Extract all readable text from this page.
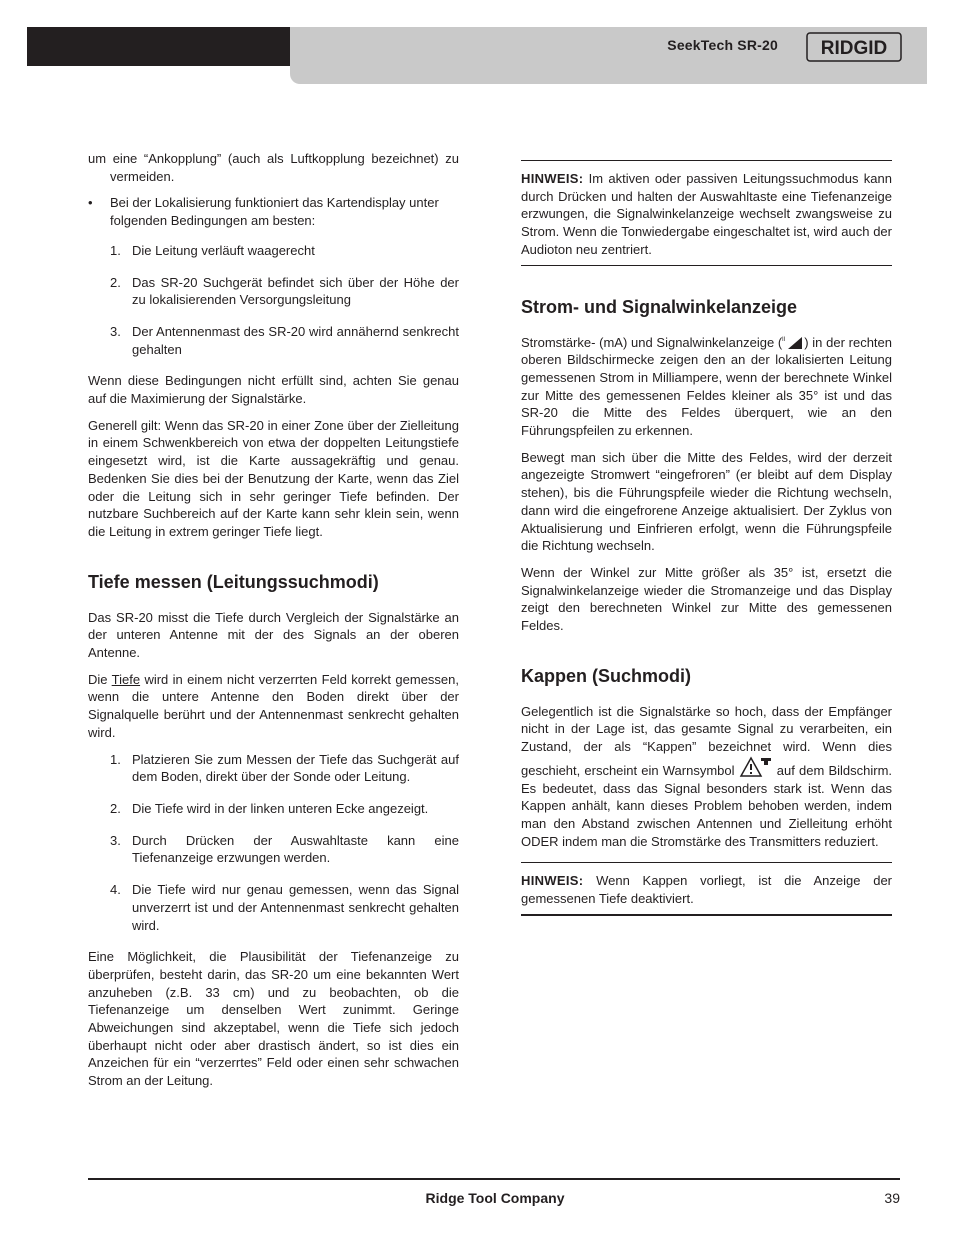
SeekTech SR-20 RIDGID

um eine “Ankopplung” (auch als Luftkopplung bezeichnet) zu vermeiden.

• Bei der Lokalisierung funktioniert das Kartendisplay unter folgenden Bedingungen am besten:
1. Die Leitung verläuft waagerecht
2. Das SR-20 Suchgerät befindet sich über der Höhe der zu lokalisierenden Versorgungsleitung
3. Der Antennenmast des SR-20 wird annähernd senkrecht gehalten

Wenn diese Bedingungen nicht erfüllt sind, achten Sie genau auf die Maximierung der Signalstärke.

Generell gilt: Wenn das SR-20 in einer Zone über der Zielleitung in einem Schwenkbereich von etwa der doppelten Leitungstiefe eingesetzt wird, ist die Karte aussagekräftig und genau. Bedenken Sie dies bei der Benutzung der Karte, wenn das Ziel oder die Leitung sich in sehr geringer Tiefe befinden. Der nutzbare Suchbereich auf der Karte kann sehr klein sein, wenn die Leitung in extrem geringer Tiefe liegt.

Tiefe messen (Leitungssuchmodi)

Das SR-20 misst die Tiefe durch Vergleich der Signalstärke an der unteren Antenne mit der des Signals an der oberen Antenne.

Die Tiefe wird in einem nicht verzerrten Feld korrekt gemessen, wenn die untere Antenne den Boden direkt über der Signalquelle berührt und der Antennenmast senkrecht gehalten wird.

1. Platzieren Sie zum Messen der Tiefe das Suchgerät auf dem Boden, direkt über der Sonde oder Leitung.
2. Die Tiefe wird in der linken unteren Ecke angezeigt.
3. Durch Drücken der Auswahltaste kann eine Tiefenanzeige erzwungen werden.
4. Die Tiefe wird nur genau gemessen, wenn das Signal unverzerrt ist und der Antennenmast senkrecht gehalten wird.

Eine Möglichkeit, die Plausibilität der Tiefenanzeige zu überprüfen, besteht darin, das SR-20 um eine bekannten Wert anzuheben (z.B. 33 cm) und zu beobachten, ob die Tiefenanzeige um denselben Wert zunimmt. Geringe Abweichungen sind akzeptabel, wenn die Tiefe sich jedoch überhaupt nicht oder aber drastisch ändert, so ist dies ein Anzeichen für ein “verzerrtes” Feld oder einen sehr schwachen Strom an der Leitung.

HINWEIS: Im aktiven oder passiven Leitungssuchmodus kann durch Drücken und halten der Auswahltaste eine Tiefenanzeige erzwungen, die Signalwinkelanzeige wechselt zwangsweise zu Strom. Wenn die Tonwiedergabe eingeschaltet ist, wird auch der Audioton neu zentriert.
Strom- und Signalwinkelanzeige

Stromstärke- (mA) und Signalwinkelanzeige ( II ) in der rechten oberen Bildschirmecke zeigen den an der lokalisierten Leitung gemessenen Strom in Milliampere, wenn der berechnete Winkel zur Mitte des gemessenen Feldes kleiner als 35° ist und das SR-20 die Mitte des Feldes überquert, wie an den Führungspfeilen zu erkennen.

Bewegt man sich über die Mitte des Feldes, wird der derzeit angezeigte Stromwert “eingefroren” (er bleibt auf dem Display stehen), bis die Führungspfeile wieder die Richtung wechseln, dann wird die eingefrorene Anzeige aktualisiert. Der Zyklus von Aktualisierung und Einfrieren erfolgt, wenn die Führungspfeile die Richtung wechseln.

Wenn der Winkel zur Mitte größer als 35° ist, ersetzt die Signalwinkelanzeige wieder die Stromanzeige und das Display zeigt den berechneten Winkel zur Mitte des gemessenen Feldes.

Kappen (Suchmodi)

Gelegentlich ist die Signalstärke so hoch, dass der Empfänger nicht in der Lage ist, das gesamte Signal zu verarbeiten, ein Zustand, der als “Kappen” bezeichnet wird. Wenn dies geschieht, erscheint ein Warnsymbol	auf dem Bildschirm. Es bedeutet, dass das Signal besonders stark ist. Wenn das Kappen anhält, kann dieses Problem behoben werden, indem man den Abstand zwischen Antennen und Zielleitung erhöht ODER indem man die Stromstärke des Transmitters reduziert.

HINWEIS: Wenn Kappen vorliegt, ist die Anzeige der gemessenen Tiefe deaktiviert.
Ridge Tool Company	39
